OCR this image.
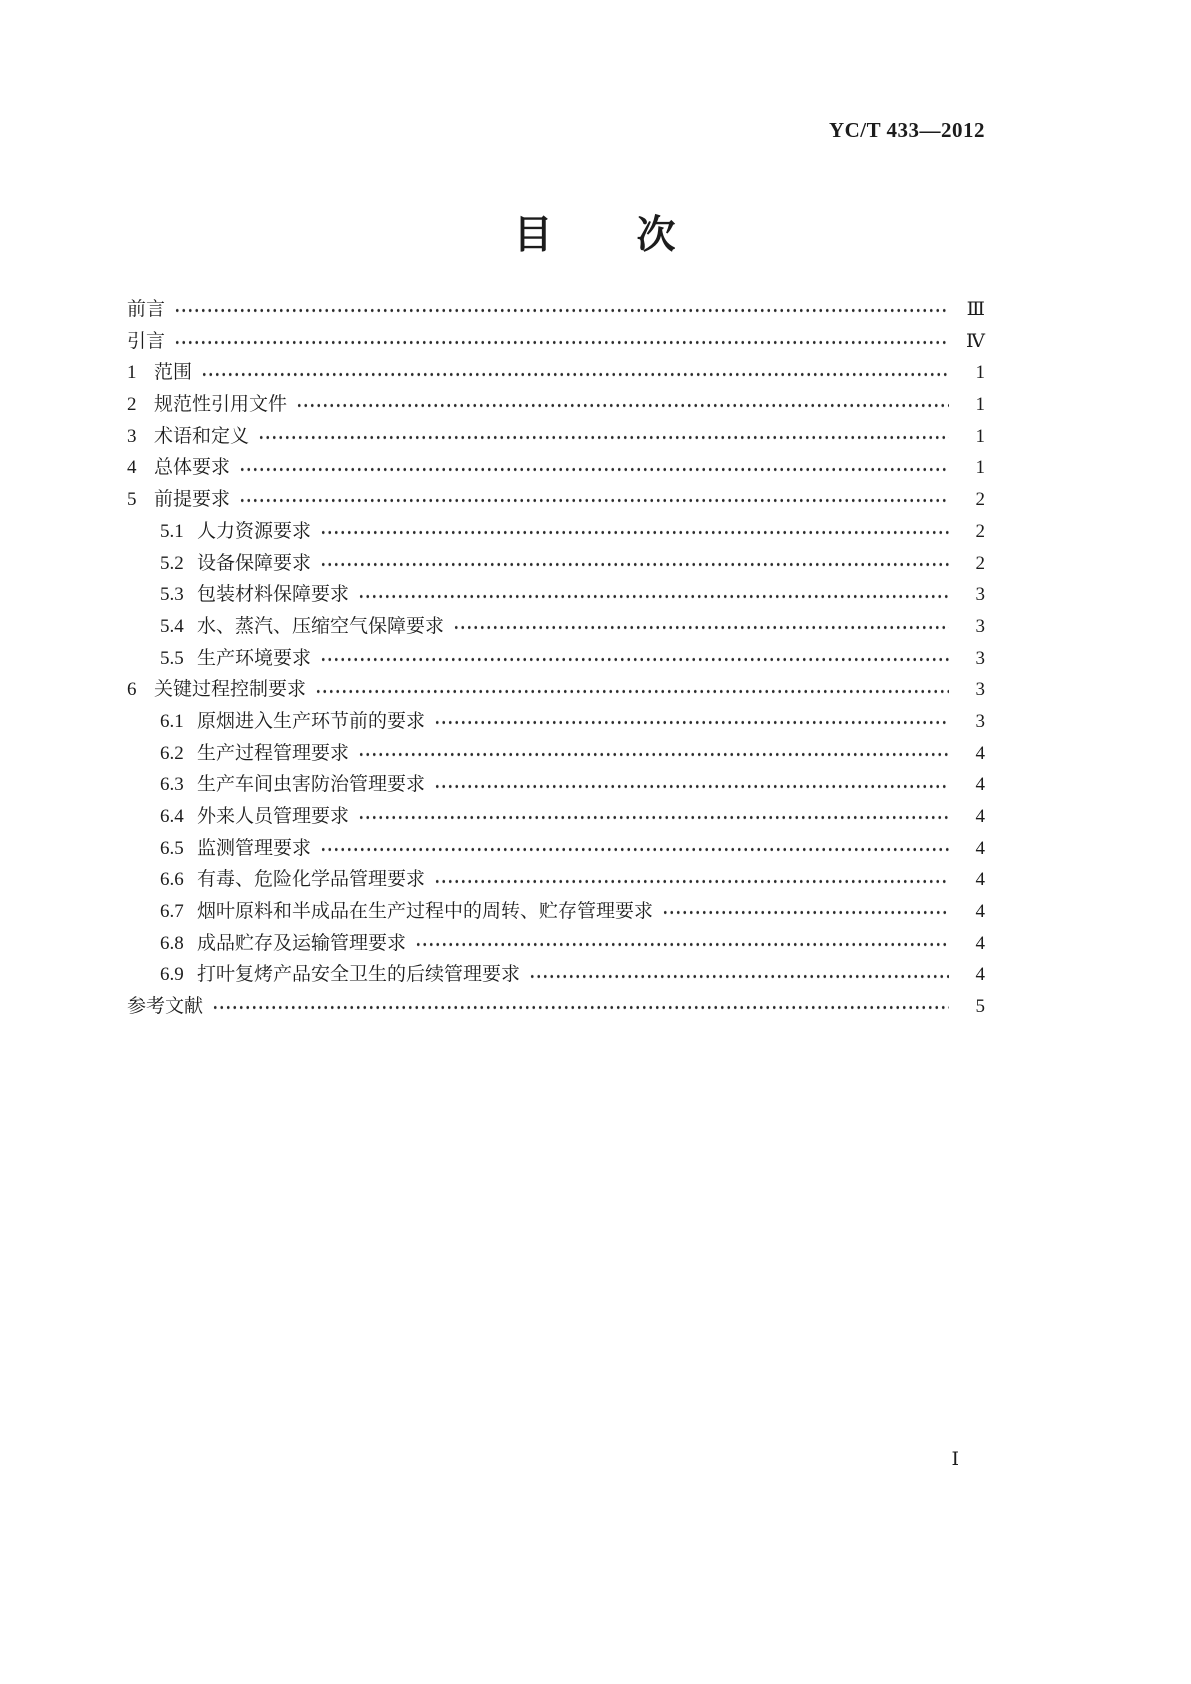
YC/T 433—2012
目　　次
前言	Ⅲ
引言	Ⅳ
1 范围	1
2 规范性引用文件	1
3 术语和定义	1
4 总体要求	1
5 前提要求	2
5.1 人力资源要求	2
5.2 设备保障要求	2
5.3 包装材料保障要求	3
5.4 水、蒸汽、压缩空气保障要求	3
5.5 生产环境要求	3
6 关键过程控制要求	3
6.1 原烟进入生产环节前的要求	3
6.2 生产过程管理要求	4
6.3 生产车间虫害防治管理要求	4
6.4 外来人员管理要求	4
6.5 监测管理要求	4
6.6 有毒、危险化学品管理要求	4
6.7 烟叶原料和半成品在生产过程中的周转、贮存管理要求	4
6.8 成品贮存及运输管理要求	4
6.9 打叶复烤产品安全卫生的后续管理要求	4
参考文献	5
Ⅰ
